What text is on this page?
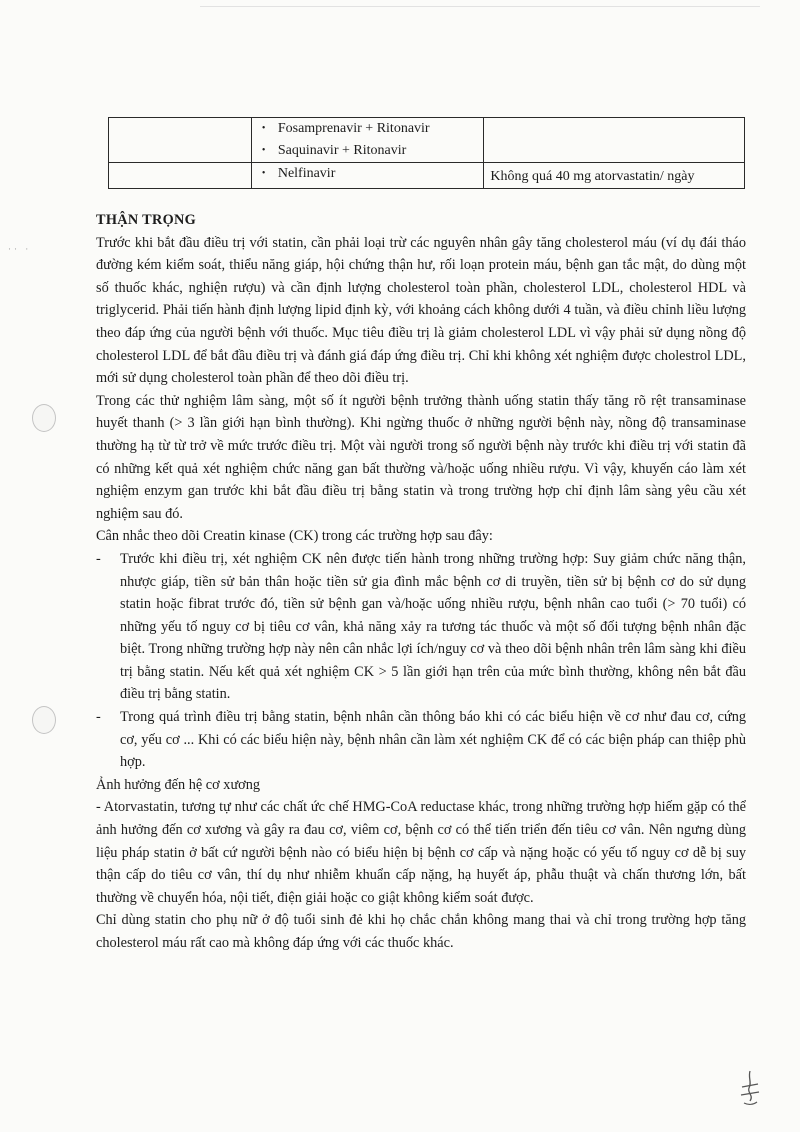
·· ·

	• Fosamprenavir + Ritonavir
• Saquinavir + Ritonavir	

	• Nelfinavir	Không quá 40 mg atorvastatin/ ngày

THẬN TRỌNG

Trước khi bắt đầu điều trị với statin, cần phải loại trừ các nguyên nhân gây tăng cholesterol máu (ví dụ đái tháo đường kém kiểm soát, thiểu năng giáp, hội chứng thận hư, rối loạn protein máu, bệnh gan tắc mật, do dùng một số thuốc khác, nghiện rượu) và cần định lượng cholesterol toàn phần, cholesterol LDL, cholesterol HDL và triglycerid. Phải tiến hành định lượng lipid định kỳ, với khoảng cách không dưới 4 tuần, và điều chỉnh liều lượng theo đáp ứng của người bệnh với thuốc. Mục tiêu điều trị là giảm cholesterol LDL vì vậy phải sử dụng nồng độ cholesterol LDL để bắt đầu điều trị và đánh giá đáp ứng điều trị. Chỉ khi không xét nghiệm được cholestrol LDL, mới sử dụng cholesterol toàn phần để theo dõi điều trị.

Trong các thử nghiệm lâm sàng, một số ít người bệnh trưởng thành uống statin thấy tăng rõ rệt transaminase huyết thanh (> 3 lần giới hạn bình thường). Khi ngừng thuốc ở những người bệnh này, nồng độ transaminase thường hạ từ từ trở về mức trước điều trị. Một vài người trong số người bệnh này trước khi điều trị với statin đã có những kết quả xét nghiệm chức năng gan bất thường và/hoặc uống nhiều rượu. Vì vậy, khuyến cáo làm xét nghiệm enzym gan trước khi bắt đầu điều trị bằng statin và trong trường hợp chỉ định lâm sàng yêu cầu xét nghiệm sau đó.

Cân nhắc theo dõi Creatin kinase (CK) trong các trường hợp sau đây:

- Trước khi điều trị, xét nghiệm CK nên được tiến hành trong những trường hợp: Suy giảm chức năng thận, nhược giáp, tiền sử bản thân hoặc tiền sử gia đình mắc bệnh cơ di truyền, tiền sử bị bệnh cơ do sử dụng statin hoặc fibrat trước đó, tiền sử bệnh gan và/hoặc uống nhiều rượu, bệnh nhân cao tuổi (> 70 tuổi) có những yếu tố nguy cơ bị tiêu cơ vân, khả năng xảy ra tương tác thuốc và một số đối tượng bệnh nhân đặc biệt. Trong những trường hợp này nên cân nhắc lợi ích/nguy cơ và theo dõi bệnh nhân trên lâm sàng khi điều trị bằng statin. Nếu kết quả xét nghiệm CK > 5 lần giới hạn trên của mức bình thường, không nên bắt đầu điều trị bằng statin.

- Trong quá trình điều trị bằng statin, bệnh nhân cần thông báo khi có các biểu hiện về cơ như đau cơ, cứng cơ, yếu cơ ... Khi có các biểu hiện này, bệnh nhân cần làm xét nghiệm CK để có các biện pháp can thiệp phù hợp.

Ảnh hưởng đến hệ cơ xương

- Atorvastatin, tương tự như các chất ức chế HMG-CoA reductase khác, trong những trường hợp hiếm gặp có thể ảnh hưởng đến cơ xương và gây ra đau cơ, viêm cơ, bệnh cơ có thể tiến triển đến tiêu cơ vân. Nên ngưng dùng liệu pháp statin ở bất cứ người bệnh nào có biểu hiện bị bệnh cơ cấp và nặng hoặc có yếu tố nguy cơ dễ bị suy thận cấp do tiêu cơ vân, thí dụ như nhiễm khuẩn cấp nặng, hạ huyết áp, phẫu thuật và chấn thương lớn, bất thường về chuyển hóa, nội tiết, điện giải hoặc co giật không kiểm soát được.

Chỉ dùng statin cho phụ nữ ở độ tuổi sinh đẻ khi họ chắc chắn không mang thai và chỉ trong trường hợp tăng cholesterol máu rất cao mà không đáp ứng với các thuốc khác.
